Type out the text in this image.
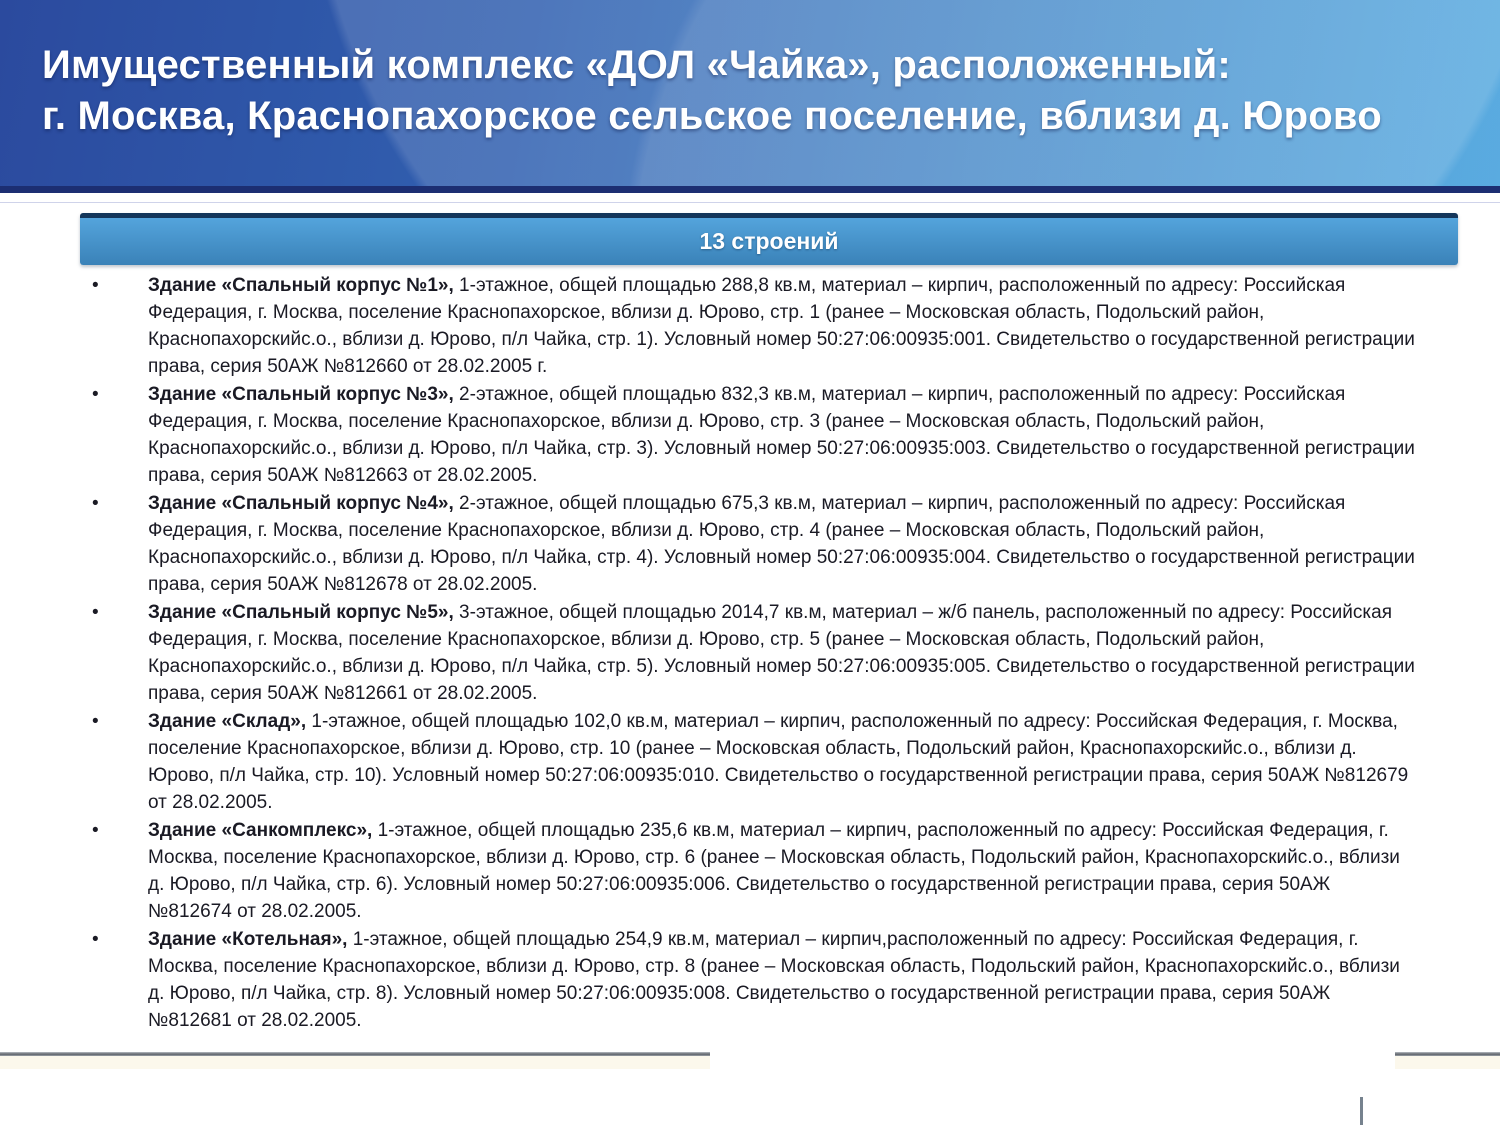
Имущественный комплекс «ДОЛ «Чайка», расположенный:
г. Москва, Краснопахорское сельское поселение, вблизи д. Юрово
13 строений
• Здание «Спальный корпус №1», 1-этажное, общей площадью 288,8 кв.м, материал – кирпич, расположенный по адресу: Российская Федерация, г. Москва, поселение Краснопахорское, вблизи д. Юрово, стр. 1 (ранее – Московская область, Подольский район, Краснопахорскийс.о., вблизи д. Юрово, п/л Чайка, стр. 1). Условный номер 50:27:06:00935:001. Свидетельство о государственной регистрации права, серия 50АЖ №812660 от 28.02.2005 г.
• Здание «Спальный корпус №3», 2-этажное, общей площадью 832,3 кв.м, материал – кирпич, расположенный по адресу: Российская Федерация, г. Москва, поселение Краснопахорское, вблизи д. Юрово, стр. 3 (ранее – Московская область, Подольский район, Краснопахорскийс.о., вблизи д. Юрово, п/л Чайка, стр. 3). Условный номер 50:27:06:00935:003. Свидетельство о государственной регистрации права, серия 50АЖ №812663 от 28.02.2005.
• Здание «Спальный корпус №4», 2-этажное, общей площадью 675,3 кв.м, материал – кирпич, расположенный по адресу: Российская Федерация, г. Москва, поселение Краснопахорское, вблизи д. Юрово, стр. 4 (ранее – Московская область, Подольский район, Краснопахорскийс.о., вблизи д. Юрово, п/л Чайка, стр. 4). Условный номер 50:27:06:00935:004. Свидетельство о государственной регистрации права, серия 50АЖ №812678 от 28.02.2005.
• Здание «Спальный корпус №5», 3-этажное, общей площадью 2014,7 кв.м, материал – ж/б панель, расположенный по адресу: Российская Федерация, г. Москва, поселение Краснопахорское, вблизи д. Юрово, стр. 5 (ранее – Московская область, Подольский район, Краснопахорскийс.о., вблизи д. Юрово, п/л Чайка, стр. 5). Условный номер 50:27:06:00935:005. Свидетельство о государственной регистрации права, серия 50АЖ №812661 от 28.02.2005.
• Здание «Склад», 1-этажное, общей площадью 102,0 кв.м, материал – кирпич, расположенный по адресу: Российская Федерация, г. Москва, поселение Краснопахорское, вблизи д. Юрово, стр. 10 (ранее – Московская область, Подольский район, Краснопахорскийс.о., вблизи д. Юрово, п/л Чайка, стр. 10). Условный номер 50:27:06:00935:010. Свидетельство о государственной регистрации права, серия 50АЖ №812679 от 28.02.2005.
• Здание «Санкомплекс», 1-этажное, общей площадью 235,6 кв.м, материал – кирпич, расположенный по адресу: Российская Федерация, г. Москва, поселение Краснопахорское, вблизи д. Юрово, стр. 6 (ранее – Московская область, Подольский район, Краснопахорскийс.о., вблизи д. Юрово, п/л Чайка, стр. 6). Условный номер 50:27:06:00935:006. Свидетельство о государственной регистрации права, серия 50АЖ №812674 от 28.02.2005.
• Здание «Котельная», 1-этажное, общей площадью 254,9 кв.м, материал – кирпич,расположенный по адресу: Российская Федерация, г. Москва, поселение Краснопахорское, вблизи д. Юрово, стр. 8 (ранее – Московская область, Подольский район, Краснопахорскийс.о., вблизи д. Юрово, п/л Чайка, стр. 8). Условный номер 50:27:06:00935:008. Свидетельство о государственной регистрации права, серия 50АЖ №812681 от 28.02.2005.
